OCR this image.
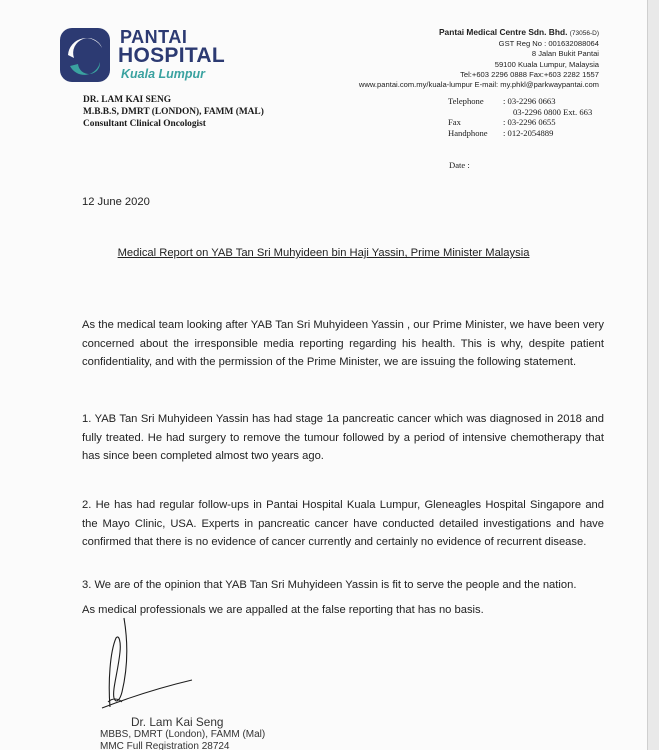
PANTAI
HOSPITAL
Kuala Lumpur
Pantai Medical Centre Sdn. Bhd. (73056-D)
GST Reg No : 001632088064
8 Jalan Bukit Pantai
59100 Kuala Lumpur, Malaysia
Tel:+603 2296 0888 Fax:+603 2282 1557
www.pantai.com.my/kuala-lumpur E-mail: my.phkl@parkwaypantai.com
DR. LAM KAI SENG
M.B.B.S, DMRT (LONDON), FAMM (MAL)
Consultant Clinical Oncologist
Telephone	: 03-2296 0663
03-2296 0800 Ext. 663
Fax	: 03-2296 0655
Handphone	: 012-2054889
Date :
12 June 2020
Medical Report on YAB Tan Sri Muhyideen bin Haji Yassin, Prime Minister Malaysia
As the medical team looking after YAB Tan Sri Muhyideen Yassin , our Prime Minister, we have been very concerned about the irresponsible media reporting regarding his health. This is why, despite patient confidentiality, and with the permission of the Prime Minister, we are issuing the following statement.
1. YAB Tan Sri Muhyideen Yassin has had stage 1a pancreatic cancer which was diagnosed in 2018 and fully treated. He had surgery to remove the tumour followed by a period of intensive chemotherapy that has since been completed almost two years ago.
2. He has had regular follow-ups in Pantai Hospital Kuala Lumpur, Gleneagles Hospital Singapore and the Mayo Clinic, USA. Experts in pancreatic cancer have conducted detailed investigations and have confirmed that there is no evidence of cancer currently and certainly no evidence of recurrent disease.
3. We are of the opinion that YAB Tan Sri Muhyideen Yassin is fit to serve the people and the nation.
As medical professionals we are appalled at the false reporting that has no basis.
Dr. Lam Kai Seng
MBBS, DMRT (London), FAMM (Mal)
MMC Full Registration 28724
